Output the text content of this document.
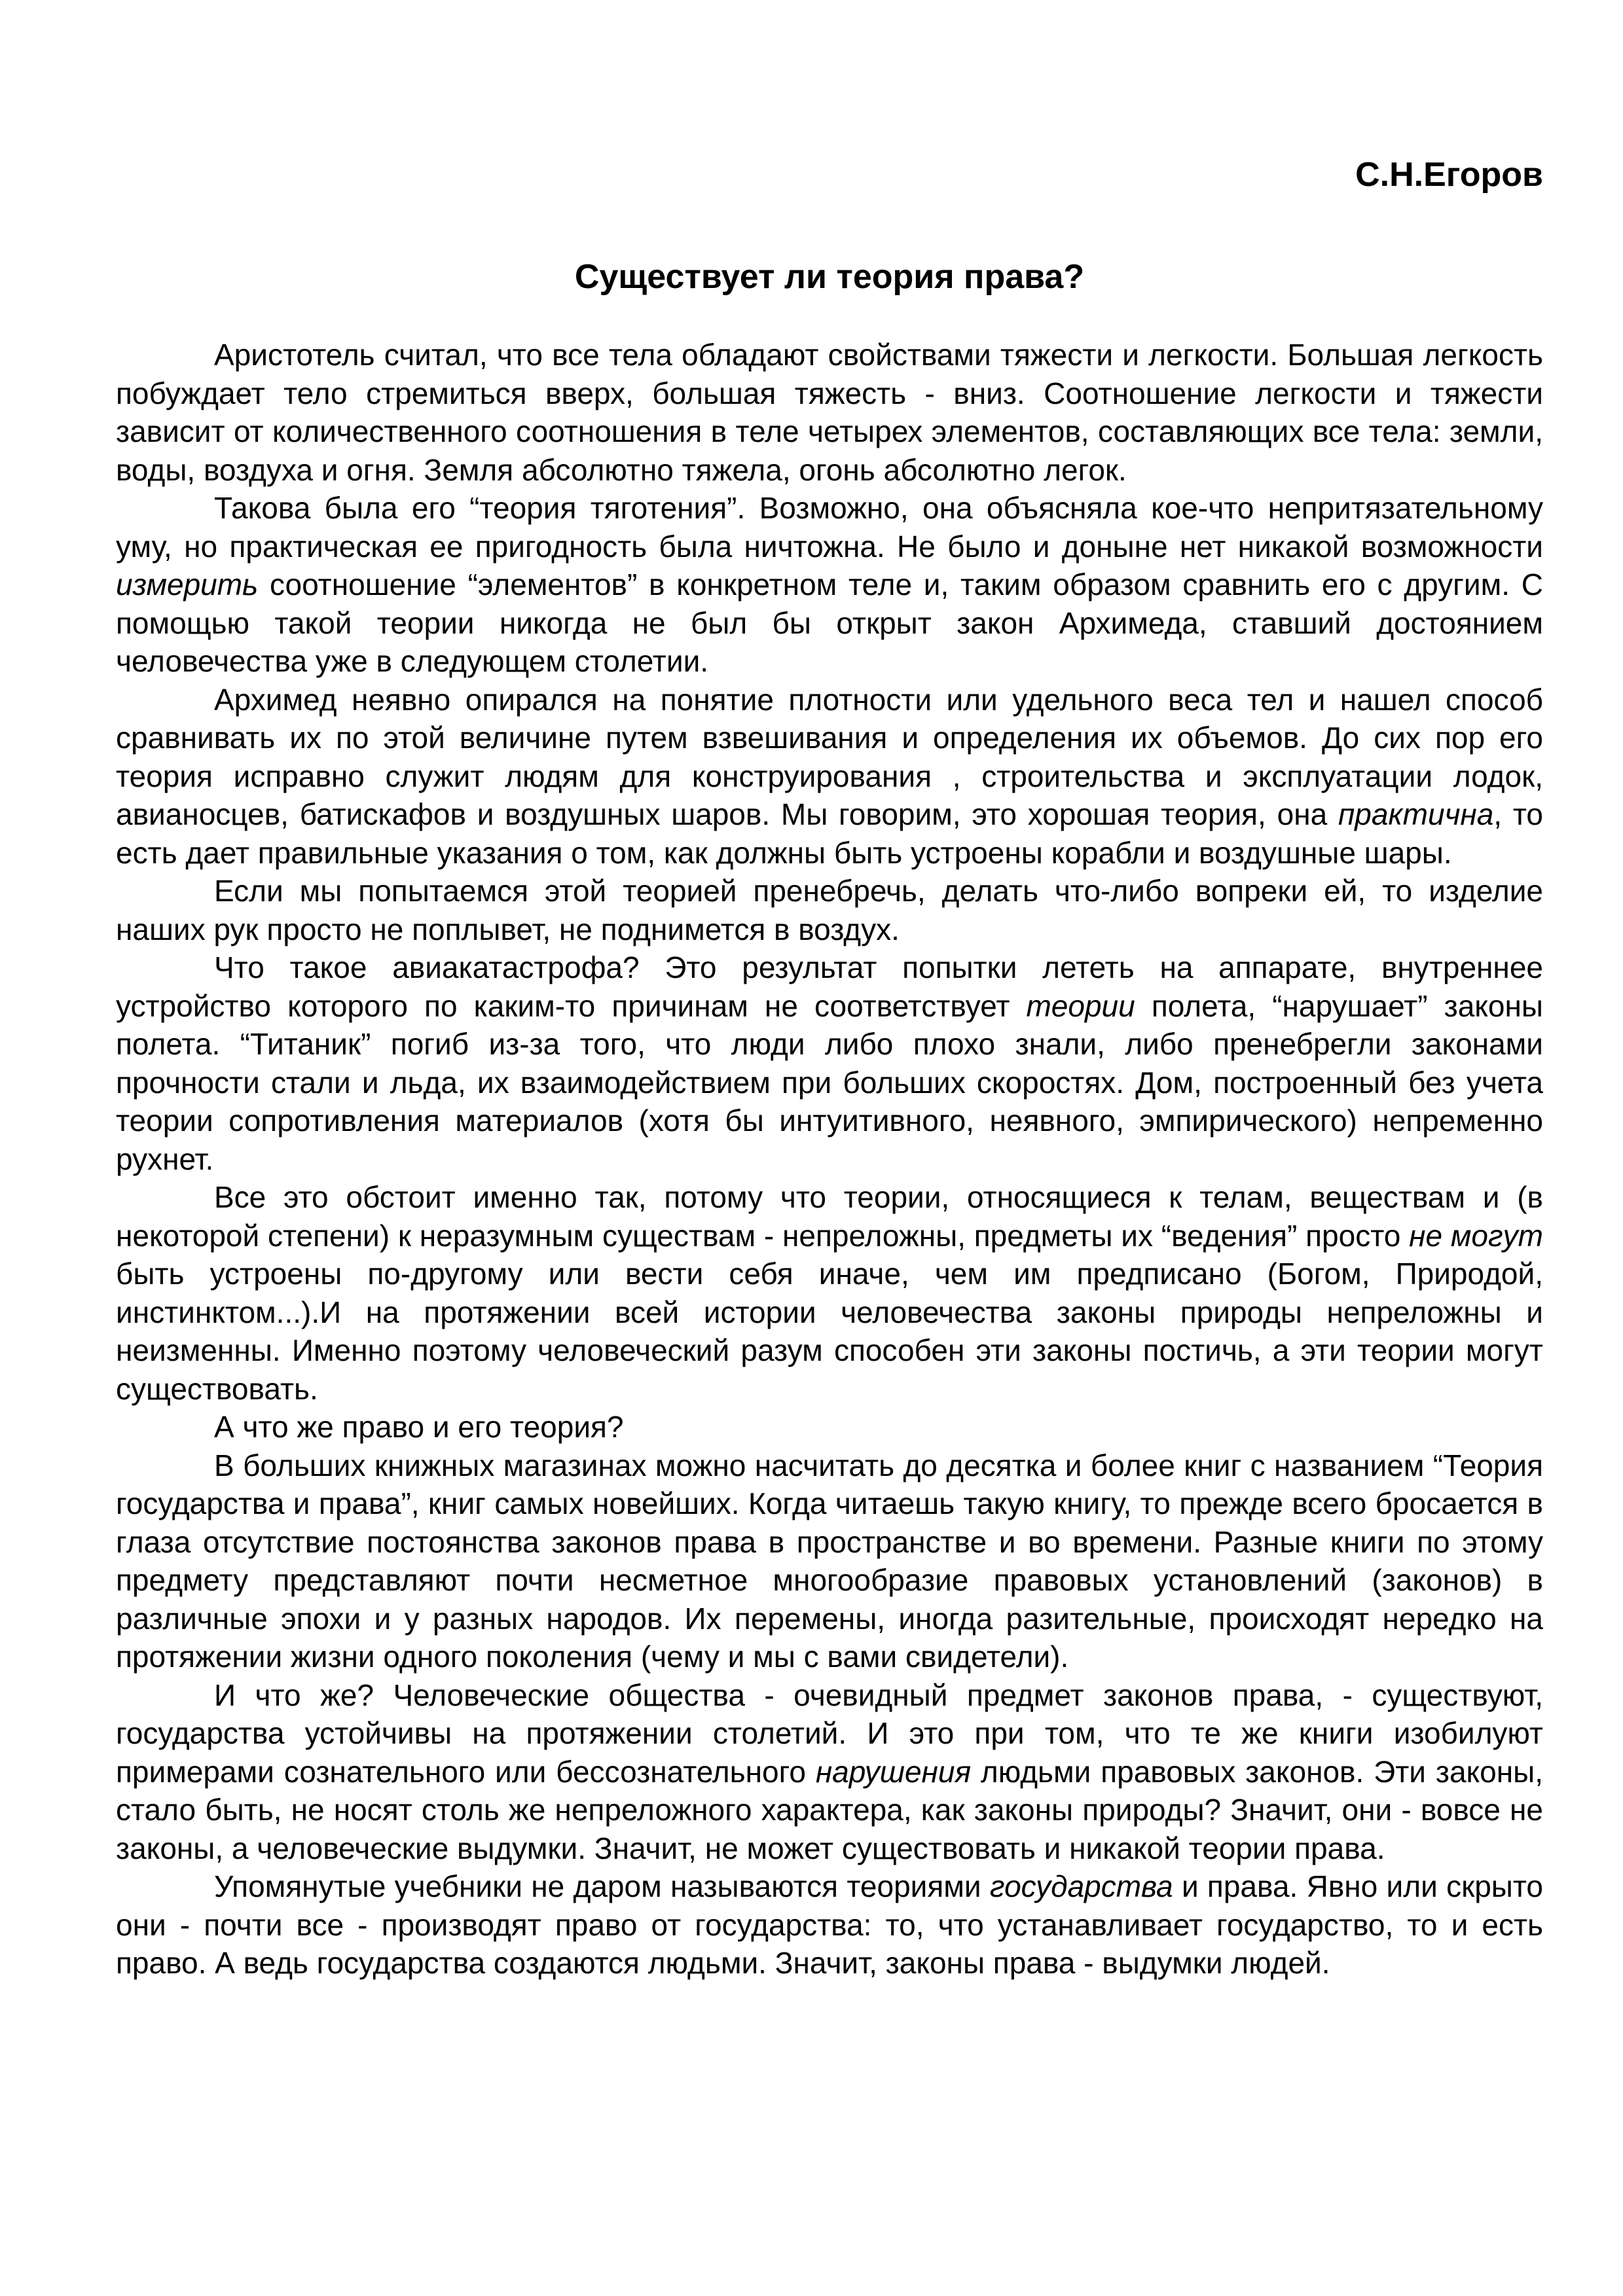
С.Н.Егоров
Существует ли теория права?

Аристотель считал, что все тела обладают свойствами тяжести и легкости. Большая легкость побуждает тело стремиться вверх, большая тяжесть - вниз. Соотношение легкости и тяжести зависит от количественного соотношения в теле четырех элементов, составляющих все тела: земли, воды, воздуха и огня. Земля абсолютно тяжела, огонь абсолютно легок.

Такова была его “теория тяготения”. Возможно, она объясняла кое-что непритязательному уму, но практическая ее пригодность была ничтожна. Не было и доныне нет никакой возможности измерить соотношение “элементов” в конкретном теле и, таким образом сравнить его с другим. С помощью такой теории никогда не был бы открыт закон Архимеда, ставший достоянием человечества уже в следующем столетии.

Архимед неявно опирался на понятие плотности или удельного веса тел и нашел способ сравнивать их по этой величине путем взвешивания и определения их объемов. До сих пор его теория исправно служит людям для конструирования , строительства и эксплуатации лодок, авианосцев, батискафов и воздушных шаров. Мы говорим, это хорошая теория, она практична, то есть дает правильные указания о том, как должны быть устроены корабли и воздушные шары.

Если мы попытаемся этой теорией пренебречь, делать что-либо вопреки ей, то изделие наших рук просто не поплывет, не поднимется в воздух.

Что такое авиакатастрофа? Это результат попытки лететь на аппарате, внутреннее устройство которого по каким-то причинам не соответствует теории полета, “нарушает” законы полета. “Титаник” погиб из-за того, что люди либо плохо знали, либо пренебрегли законами прочности стали и льда, их взаимодействием при больших скоростях. Дом, построенный без учета теории сопротивления материалов (хотя бы интуитивного, неявного, эмпирического) непременно рухнет.

Все это обстоит именно так, потому что теории, относящиеся к телам, веществам и (в некоторой степени) к неразумным существам - непреложны, предметы их “ведения” просто не могут быть устроены по-другому или вести себя иначе, чем им предписано (Богом, Природой, инстинктом...).И на протяжении всей истории человечества законы природы непреложны и неизменны. Именно поэтому человеческий разум способен эти законы постичь, а эти теории могут существовать.

А что же право и его теория?

В больших книжных магазинах можно насчитать до десятка и более книг с названием “Теория государства и права”, книг самых новейших. Когда читаешь такую книгу, то прежде всего бросается в глаза отсутствие постоянства законов права в пространстве и во времени. Разные книги по этому предмету представляют почти несметное многообразие правовых установлений (законов) в различные эпохи и у разных народов. Их перемены, иногда разительные, происходят нередко на протяжении жизни одного поколения (чему и мы с вами свидетели).

И что же? Человеческие общества - очевидный предмет законов права, - существуют, государства устойчивы на протяжении столетий. И это при том, что те же книги изобилуют примерами сознательного или бессознательного нарушения людьми правовых законов. Эти законы, стало быть, не носят столь же непреложного характера, как законы природы? Значит, они - вовсе не законы, а человеческие выдумки. Значит, не может существовать и никакой теории права.

Упомянутые учебники не даром называются теориями государства и права. Явно или скрыто они - почти все - производят право от государства: то, что устанавливает государство, то и есть право. А ведь государства создаются людьми. Значит, законы права - выдумки людей.
